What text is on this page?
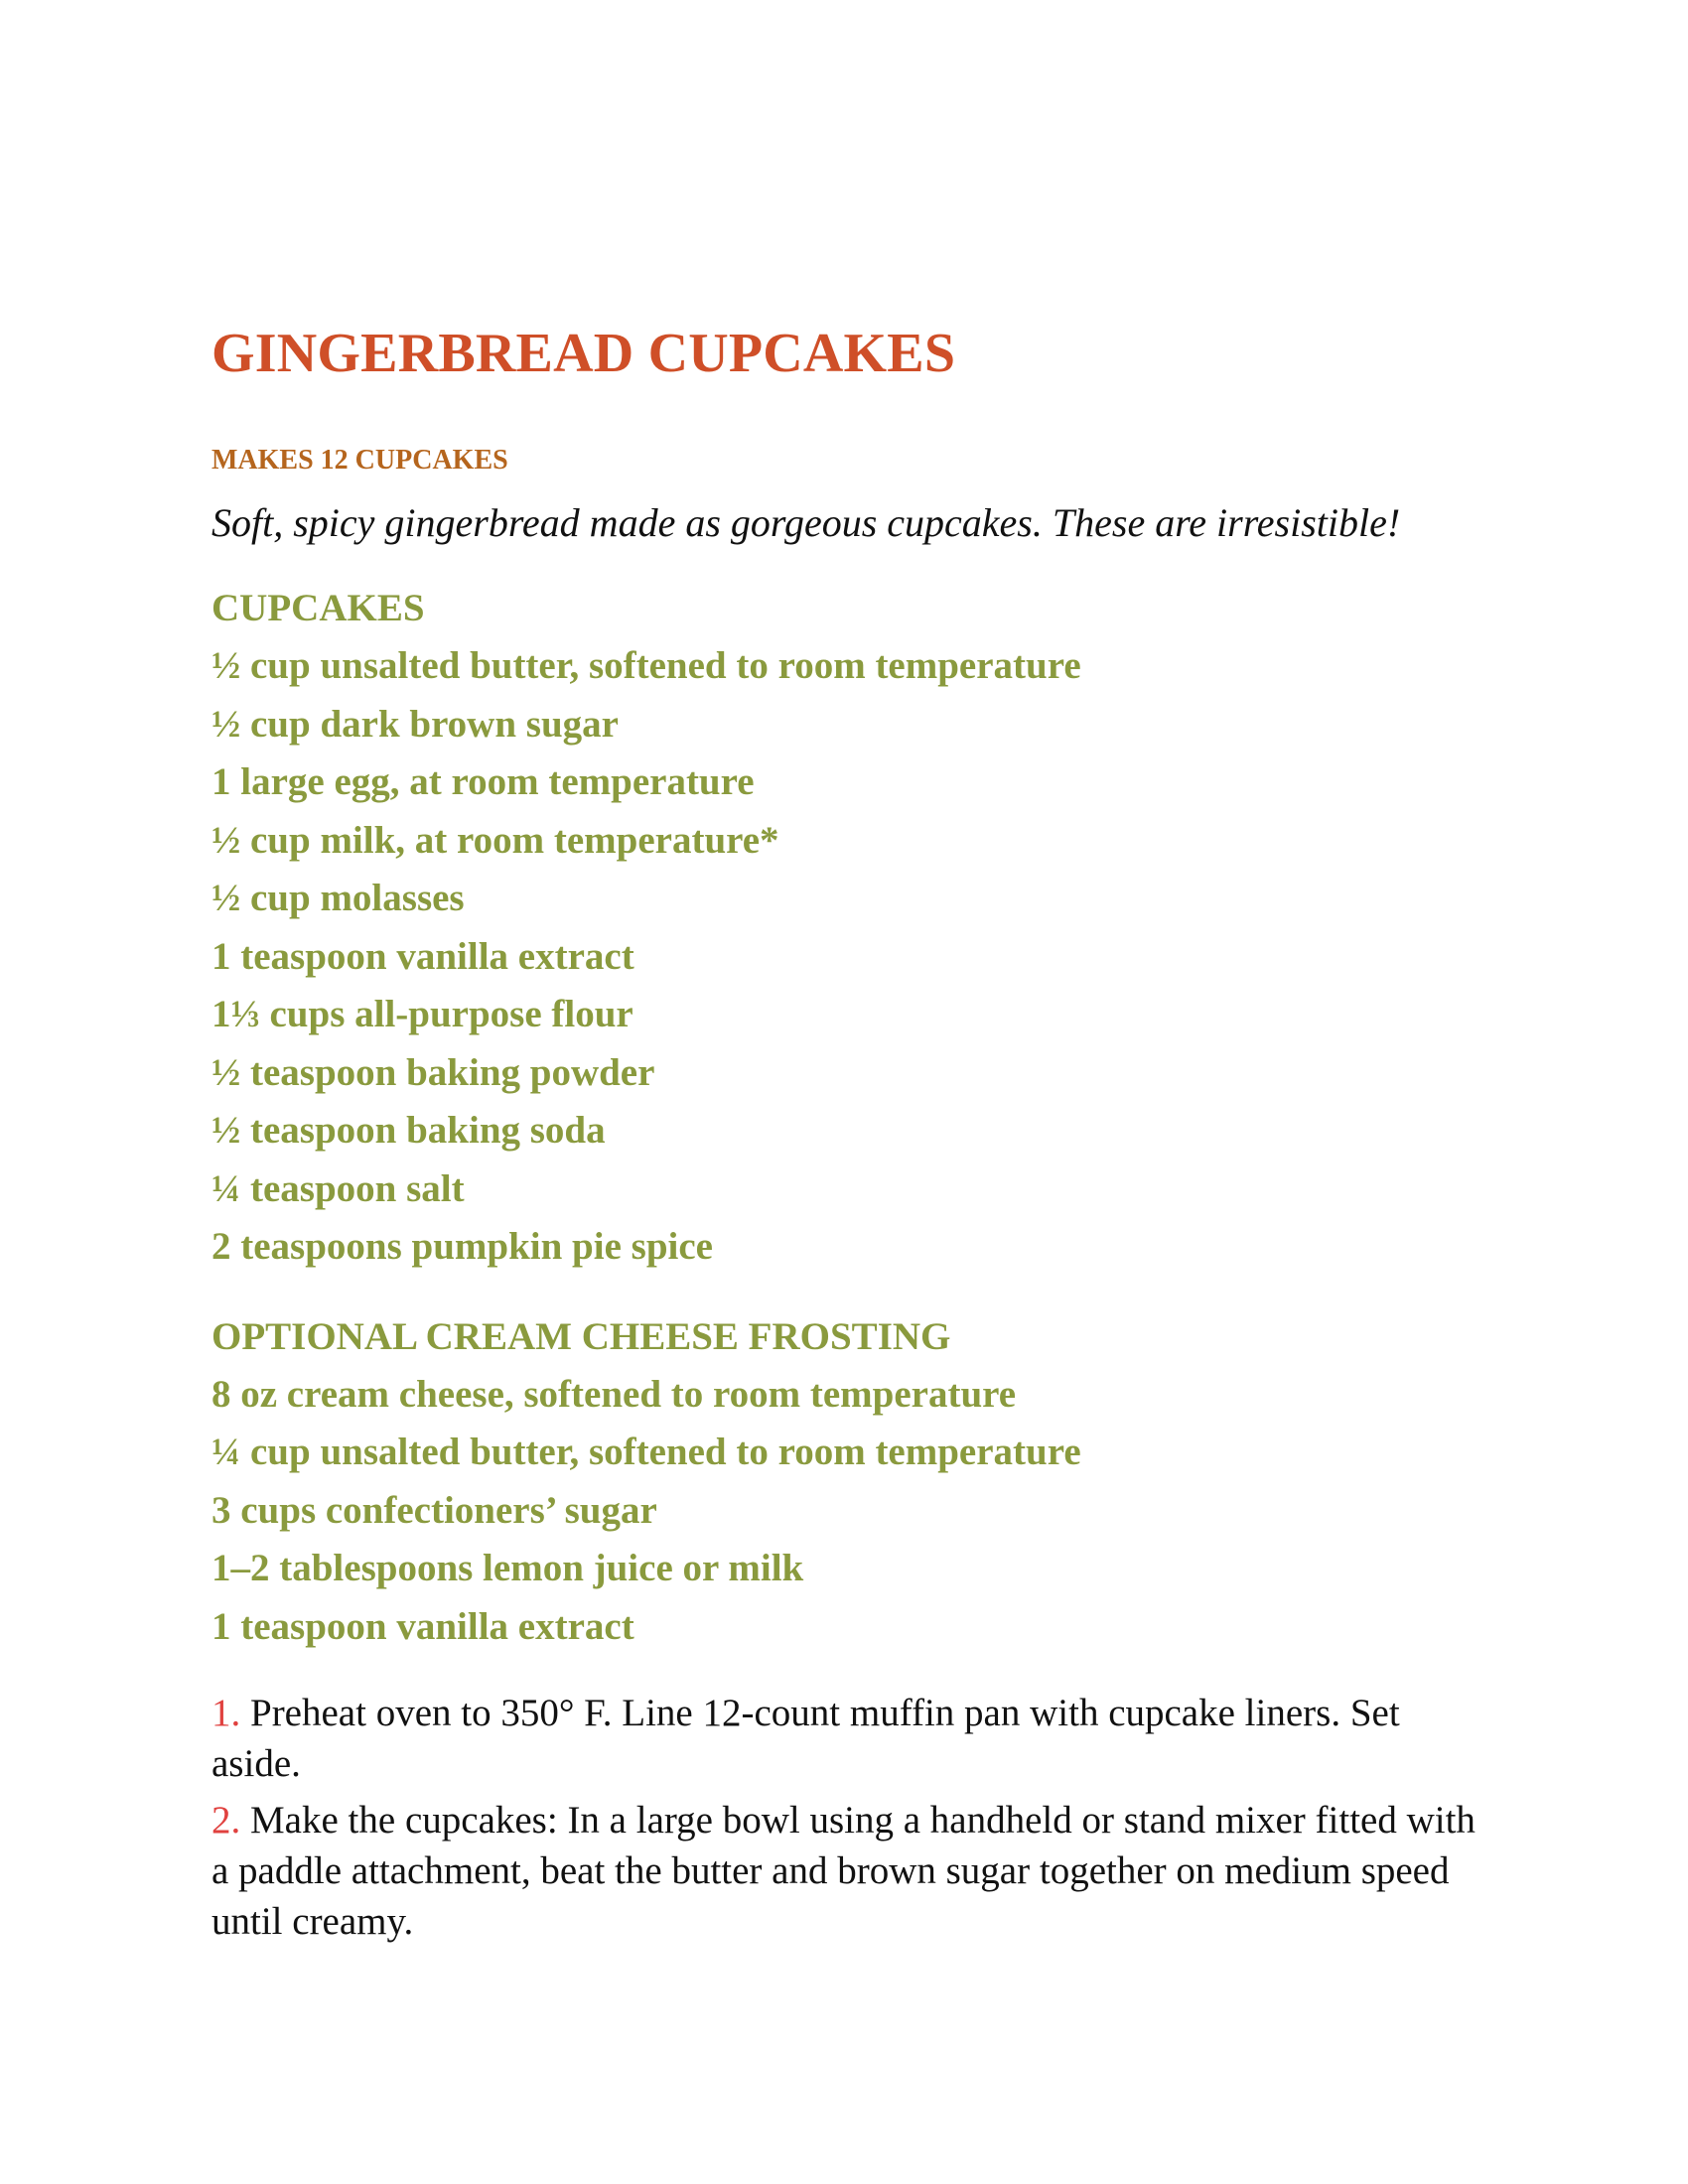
GINGERBREAD CUPCAKES

MAKES 12 CUPCAKES

Soft, spicy gingerbread made as gorgeous cupcakes. These are irresistible!

CUPCAKES
½ cup unsalted butter, softened to room temperature
½ cup dark brown sugar
1 large egg, at room temperature
½ cup milk, at room temperature*
½ cup molasses
1 teaspoon vanilla extract
1⅓ cups all-purpose flour
½ teaspoon baking powder
½ teaspoon baking soda
¼ teaspoon salt
2 teaspoons pumpkin pie spice
OPTIONAL CREAM CHEESE FROSTING
8 oz cream cheese, softened to room temperature
¼ cup unsalted butter, softened to room temperature
3 cups confectioners’ sugar
1–2 tablespoons lemon juice or milk
1 teaspoon vanilla extract
1. Preheat oven to 350° F. Line 12-count muffin pan with cupcake liners. Set aside.
2. Make the cupcakes: In a large bowl using a handheld or stand mixer fitted with a paddle attachment, beat the butter and brown sugar together on medium speed until creamy.
